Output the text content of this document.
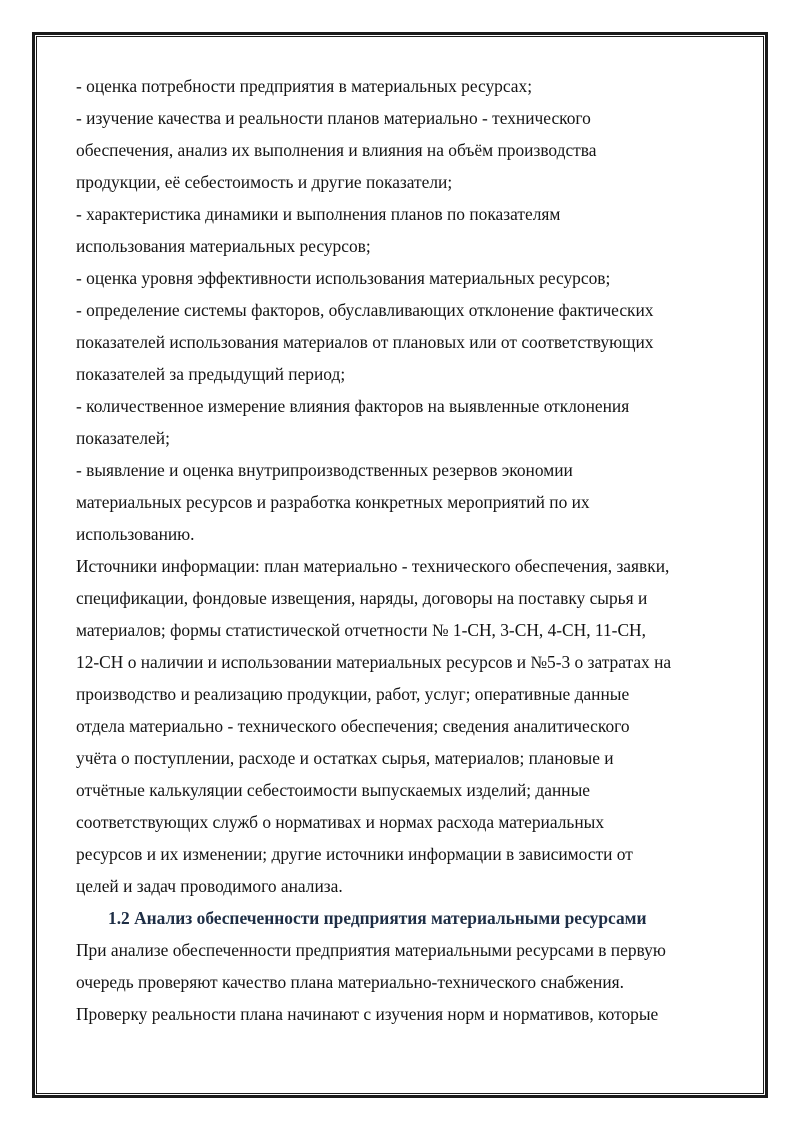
- оценка потребности предприятия в материальных ресурсах;

- изучение качества и реальности планов материально - технического

обеспечения, анализ их выполнения и влияния на объём производства

продукции, её себестоимость и другие показатели;

- характеристика динамики и выполнения планов по показателям

использования материальных ресурсов;

- оценка уровня эффективности использования материальных ресурсов;

- определение системы факторов, обуславливающих отклонение фактических

показателей использования материалов от плановых или от соответствующих

показателей за предыдущий период;

- количественное измерение влияния факторов на выявленные отклонения

показателей;

- выявление и оценка внутрипроизводственных резервов экономии

материальных ресурсов и разработка конкретных мероприятий по их

использованию.

Источники информации: план материально - технического обеспечения, заявки,

спецификации, фондовые извещения, наряды, договоры на поставку сырья и

материалов; формы статистической отчетности № 1-СН, 3-СН, 4-СН, 11-СН,

12-СН о наличии и использовании материальных ресурсов и №5-3 о затратах на

производство и реализацию продукции, работ, услуг; оперативные данные

отдела материально - технического обеспечения; сведения аналитического

учёта о поступлении, расходе и остатках сырья, материалов; плановые и

отчётные калькуляции себестоимости выпускаемых изделий; данные

соответствующих служб о нормативах и нормах расхода материальных

ресурсов и их изменении; другие источники информации в зависимости от

целей и задач проводимого анализа.

1.2 Анализ обеспеченности предприятия материальными ресурсами

При анализе обеспеченности предприятия материальными ресурсами в первую

очередь проверяют качество плана материально-технического снабжения.

Проверку реальности плана начинают с изучения норм и нормативов, которые
